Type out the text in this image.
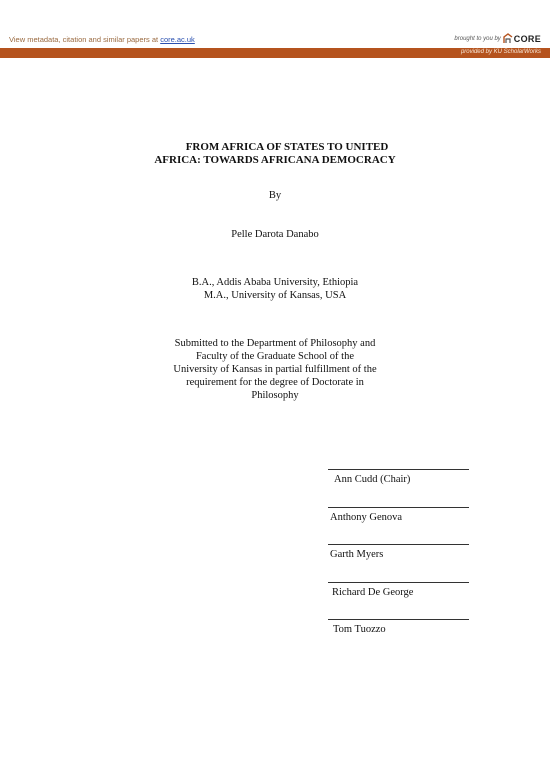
View metadata, citation and similar papers at core.ac.uk	brought to you by CORE
provided by KU ScholarWorks
FROM AFRICA OF STATES TO UNITED
AFRICA: TOWARDS AFRICANA DEMOCRACY
By
Pelle Darota Danabo
B.A., Addis Ababa University, Ethiopia
M.A., University of Kansas, USA
Submitted to the Department of Philosophy and
Faculty of the Graduate School of the
University of Kansas in partial fulfillment of the
requirement for the degree of Doctorate in
Philosophy
Ann Cudd (Chair)
Anthony Genova
Garth Myers
Richard De George
Tom Tuozzo
